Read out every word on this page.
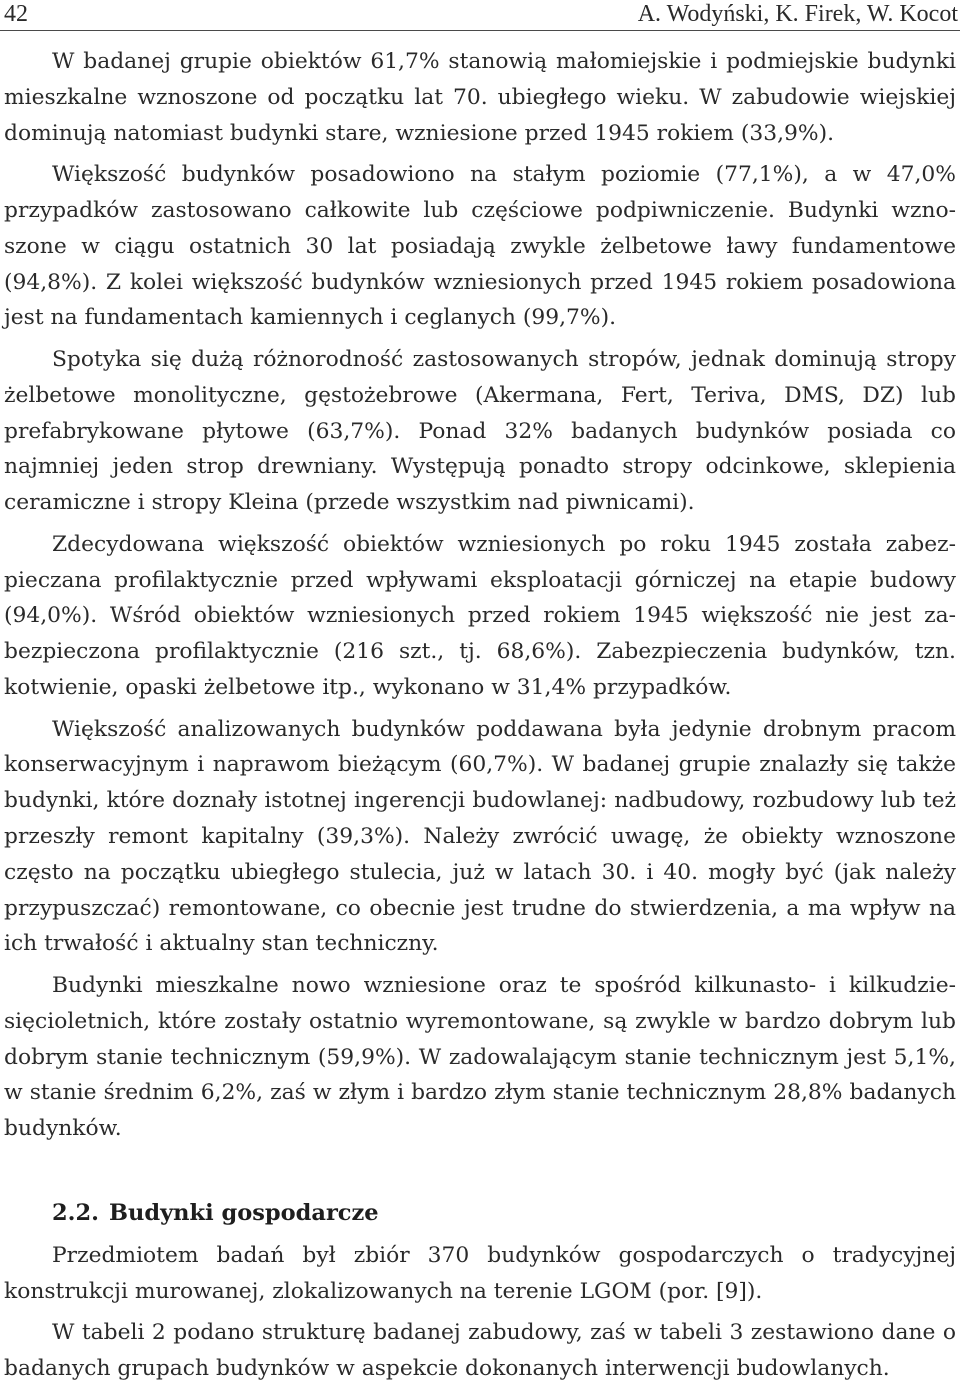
42	A. Wodyński, K. Firek, W. Kocot

W badanej grupie obiektów 61,7% stanowią małomiejskie i podmiejskie budynki mieszkalne wznoszone od początku lat 70. ubiegłego wieku. W zabudowie wiejskiej dominują natomiast budynki stare, wzniesione przed 1945 rokiem (33,9%).

Większość budynków posadowiono na stałym poziomie (77,1%), a w 47,0% przypadków zastosowano całkowite lub częściowe podpiwniczenie. Budynki wznoszone w ciągu ostatnich 30 lat posiadają zwykle żelbetowe ławy fundamentowe (94,8%). Z kolei większość budynków wzniesionych przed 1945 rokiem posadowiona jest na fundamentach kamiennych i ceglanych (99,7%).

Spotyka się dużą różnorodność zastosowanych stropów, jednak dominują stropy żelbetowe monolityczne, gęstożebrowe (Akermana, Fert, Teriva, DMS, DZ) lub prefabrykowane płytowe (63,7%). Ponad 32% badanych budynków posiada co najmniej jeden strop drewniany. Występują ponadto stropy odcinkowe, sklepienia ceramiczne i stropy Kleina (przede wszystkim nad piwnicami).

Zdecydowana większość obiektów wzniesionych po roku 1945 została zabezpieczana profilaktycznie przed wpływami eksploatacji górniczej na etapie budowy (94,0%). Wśród obiektów wzniesionych przed rokiem 1945 większość nie jest zabezpieczona profilaktycznie (216 szt., tj. 68,6%). Zabezpieczenia budynków, tzn. kotwienie, opaski żelbetowe itp., wykonano w 31,4% przypadków.

Większość analizowanych budynków poddawana była jedynie drobnym pracom konserwacyjnym i naprawom bieżącym (60,7%). W badanej grupie znalazły się także budynki, które doznały istotnej ingerencji budowlanej: nadbudowy, rozbudowy lub też przeszły remont kapitalny (39,3%). Należy zwrócić uwagę, że obiekty wznoszone często na początku ubiegłego stulecia, już w latach 30. i 40. mogły być (jak należy przypuszczać) remontowane, co obecnie jest trudne do stwierdzenia, a ma wpływ na ich trwałość i aktualny stan techniczny.

Budynki mieszkalne nowo wzniesione oraz te spośród kilkunasto- i kilkudziesięcioletnich, które zostały ostatnio wyremontowane, są zwykle w bardzo dobrym lub dobrym stanie technicznym (59,9%). W zadowalającym stanie technicznym jest 5,1%, w stanie średnim 6,2%, zaś w złym i bardzo złym stanie technicznym 28,8% badanych budynków.

2.2. Budynki gospodarcze

Przedmiotem badań był zbiór 370 budynków gospodarczych o tradycyjnej konstrukcji murowanej, zlokalizowanych na terenie LGOM (por. [9]).

W tabeli 2 podano strukturę badanej zabudowy, zaś w tabeli 3 zestawiono dane o badanych grupach budynków w aspekcie dokonanych interwencji budowlanych.
